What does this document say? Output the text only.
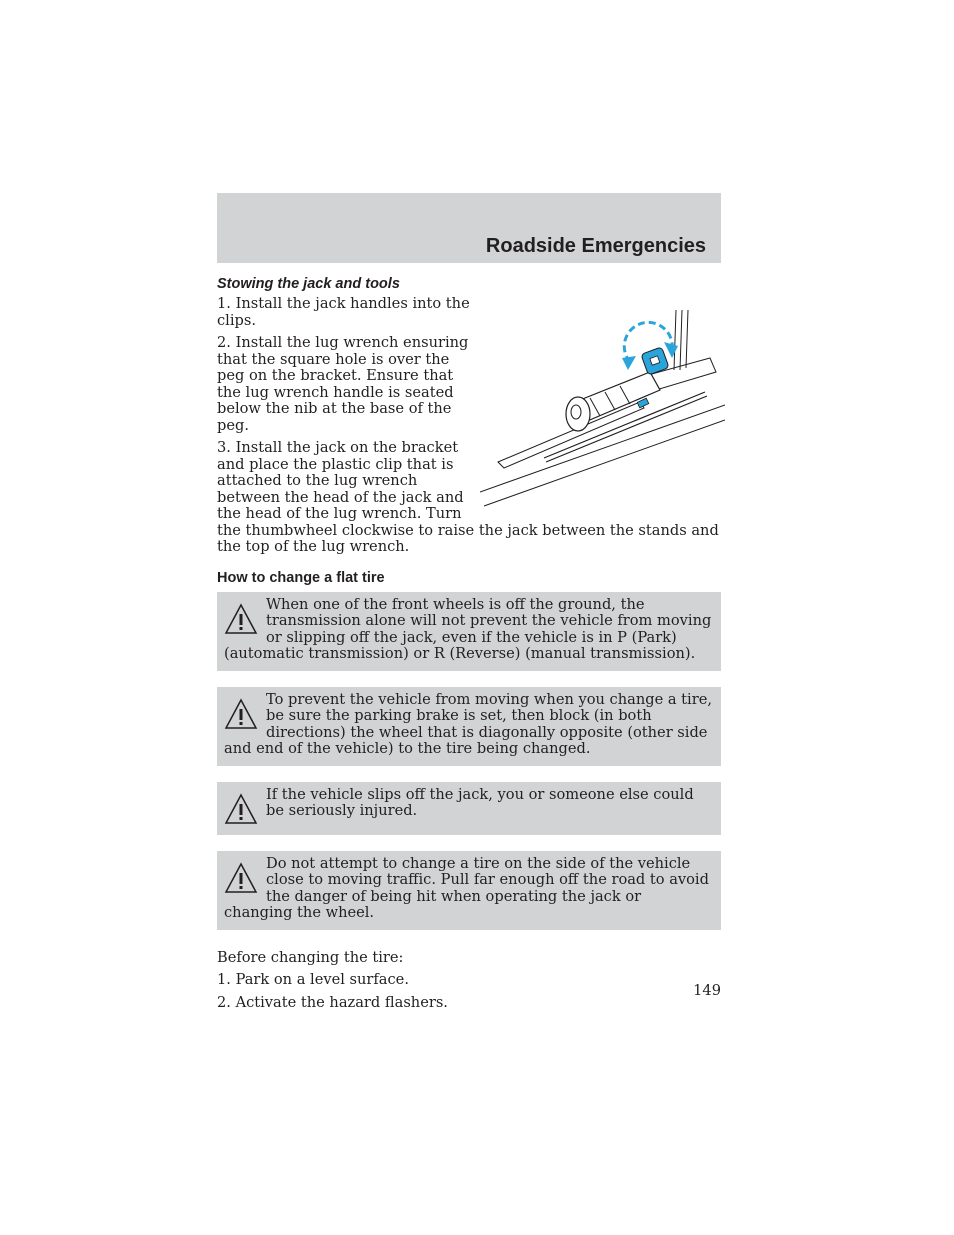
Roadside Emergencies
Stowing the jack and tools

1. Install the jack handles into the clips.

2. Install the lug wrench ensuring that the square hole is over the peg on the bracket. Ensure that the lug wrench handle is seated below the nib at the base of the peg.

3. Install the jack on the bracket and place the plastic clip that is attached to the lug wrench between the head of the jack and the head of the lug wrench. Turn the thumbwheel clockwise to raise the jack between the stands and the top of the lug wrench.

How to change a flat tire

When one of the front wheels is off the ground, the transmission alone will not prevent the vehicle from moving or slipping off the jack, even if the vehicle is in P (Park) (automatic transmission) or R (Reverse) (manual transmission).

To prevent the vehicle from moving when you change a tire, be sure the parking brake is set, then block (in both directions) the wheel that is diagonally opposite (other side and end of the vehicle) to the tire being changed.

If the vehicle slips off the jack, you or someone else could be seriously injured.

Do not attempt to change a tire on the side of the vehicle close to moving traffic. Pull far enough off the road to avoid the danger of being hit when operating the jack or changing the wheel.

Before changing the tire:

1. Park on a level surface.

2. Activate the hazard flashers.

149
